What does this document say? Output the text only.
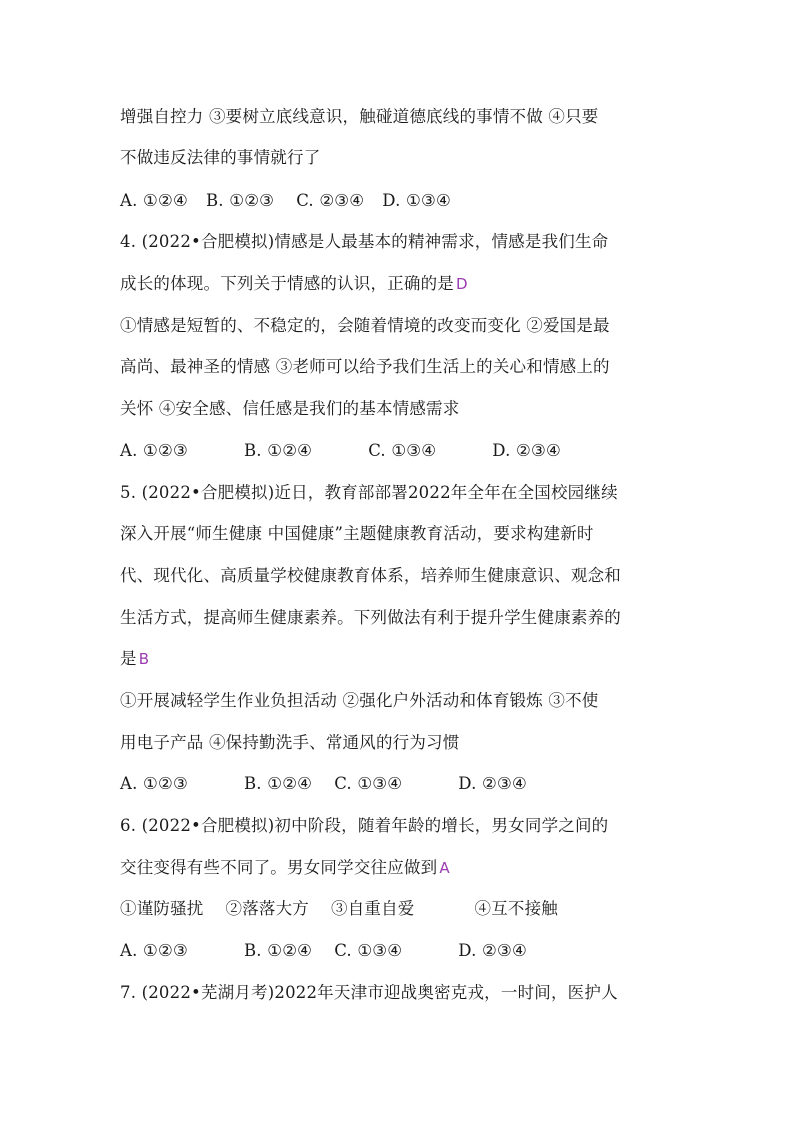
增强自控力 ③要树立底线意识，触碰道德底线的事情不做 ④只要
不做违反法律的事情就行了
A. ①②④ B. ①②③ C. ②③④ D. ①③④
4. (2022•合肥模拟)情感是人最基本的精神需求，情感是我们生命
成长的体现。下列关于情感的认识，正确的是 D
①情感是短暂的、不稳定的，会随着情境的改变而变化 ②爱国是最
高尚、最神圣的情感 ③老师可以给予我们生活上的关心和情感上的
关怀 ④安全感、信任感是我们的基本情感需求
A. ①②③	B. ①②④	C. ①③④	D. ②③④
5. (2022•合肥模拟)近日，教育部部署2022年全年在全国校园继续
深入开展“师生健康 中国健康”主题健康教育活动，要求构建新时
代、现代化、高质量学校健康教育体系，培养师生健康意识、观念和
生活方式，提高师生健康素养。下列做法有利于提升学生健康素养的
是 B
①开展减轻学生作业负担活动 ②强化户外活动和体育锻炼 ③不使
用电子产品 ④保持勤洗手、常通风的行为习惯
A. ①②③	B. ①②④ C. ①③④	D. ②③④
6. (2022•合肥模拟)初中阶段，随着年龄的增长，男女同学之间的
交往变得有些不同了。男女同学交往应做到 A
①谨防骚扰 ②落落大方 ③自重自爱	④互不接触
A. ①②③	B. ①②④ C. ①③④	D. ②③④
7. (2022•芜湖月考)2022年天津市迎战奥密克戎，一时间，医护人
